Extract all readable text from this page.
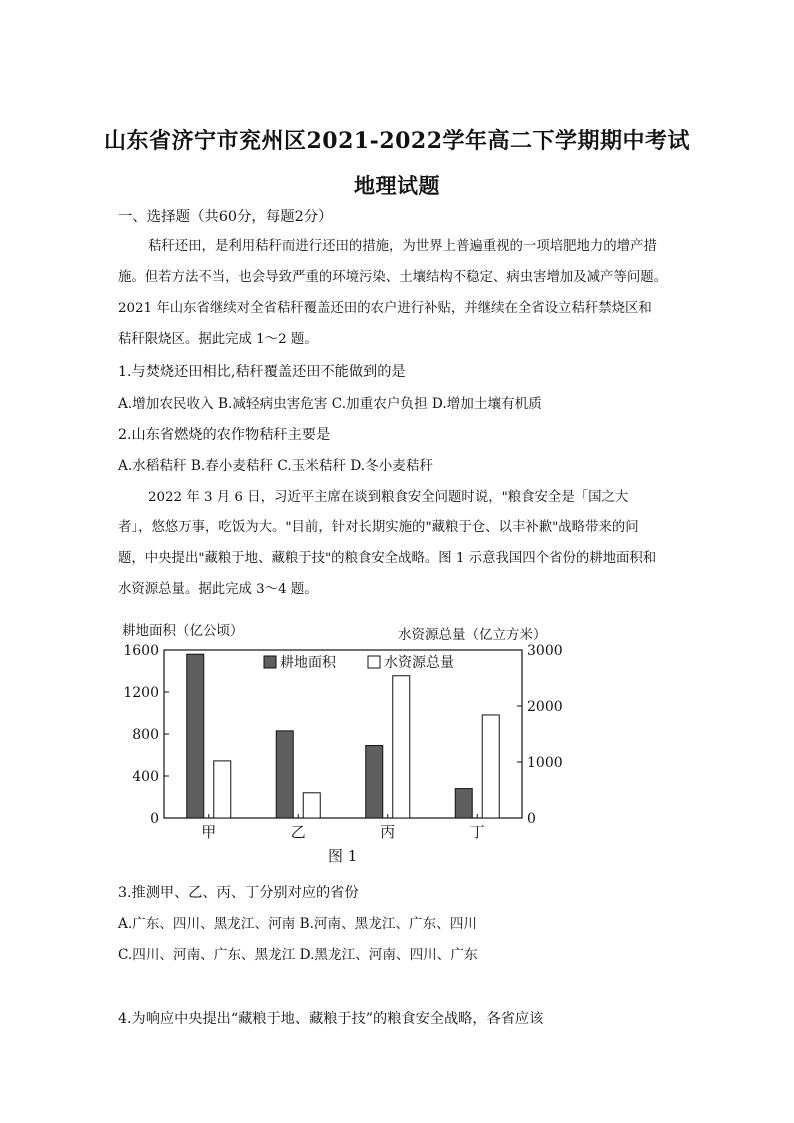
山东省济宁市兖州区2021-2022学年高二下学期期中考试
地理试题
一、选择题（共60分，每题2分）
秸秆还田，是利用秸秆而进行还田的措施，为世界上普遍重视的一项培肥地力的增产措
施。但若方法不当，也会导致严重的环境污染、土壤结构不稳定、病虫害增加及减产等问题。
2021 年山东省继续对全省秸秆覆盖还田的农户进行补贴，并继续在全省设立秸秆禁烧区和
秸秆限烧区。据此完成 1～2 题。
1.与焚烧还田相比,秸秆覆盖还田不能做到的是
A.增加农民收入 B.减轻病虫害危害 C.加重农户负担 D.增加土壤有机质
2.山东省燃烧的农作物秸秆主要是
A.水稻秸秆 B.春小麦秸秆 C.玉米秸秆 D.冬小麦秸秆
2022 年 3 月 6 日，习近平主席在谈到粮食安全问题时说，"粮食安全是「国之大
者」，悠悠万事，吃饭为大。"目前，针对长期实施的"藏粮于仓、以丰补歉"战略带来的问
题，中央提出"藏粮于地、藏粮于技"的粮食安全战略。图 1 示意我国四个省份的耕地面积和
水资源总量。据此完成 3～4 题。
耕地面积（亿公顷）	水资源总量（亿立方米）
0
400
800
1200
1600
0
1000
2000
3000
甲	乙	丙	丁
耕地面积	水资源总量
图 1
3.推测甲、乙、丙、丁分别对应的省份
A.广东、四川、黑龙江、河南 B.河南、黑龙江、广东、四川
C.四川、河南、广东、黑龙江 D.黑龙江、河南、四川、广东
4.为响应中央提出“藏粮于地、藏粮于技”的粮食安全战略，各省应该
